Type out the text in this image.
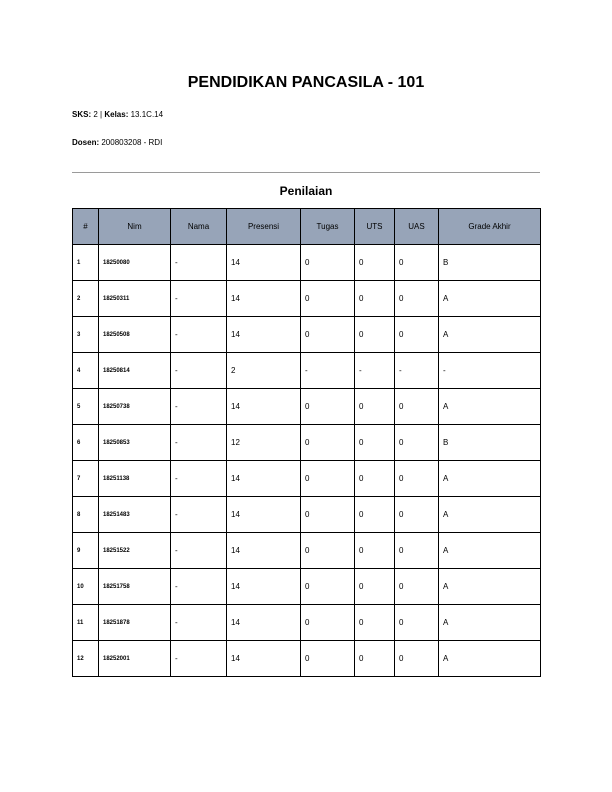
PENDIDIKAN PANCASILA - 101

SKS: 2 | Kelas: 13.1C.14

Dosen: 200803208 - RDI

Penilaian
#	Nim	Nama	Presensi	Tugas	UTS	UAS	Grade Akhir
1	18250080	-	14	0	0	0	B
2	18250311	-	14	0	0	0	A
3	18250508	-	14	0	0	0	A
4	18250814	-	2	-	-	-	-
5	18250738	-	14	0	0	0	A
6	18250853	-	12	0	0	0	B
7	18251138	-	14	0	0	0	A
8	18251483	-	14	0	0	0	A
9	18251522	-	14	0	0	0	A
10	18251758	-	14	0	0	0	A
11	18251878	-	14	0	0	0	A
12	18252001	-	14	0	0	0	A
